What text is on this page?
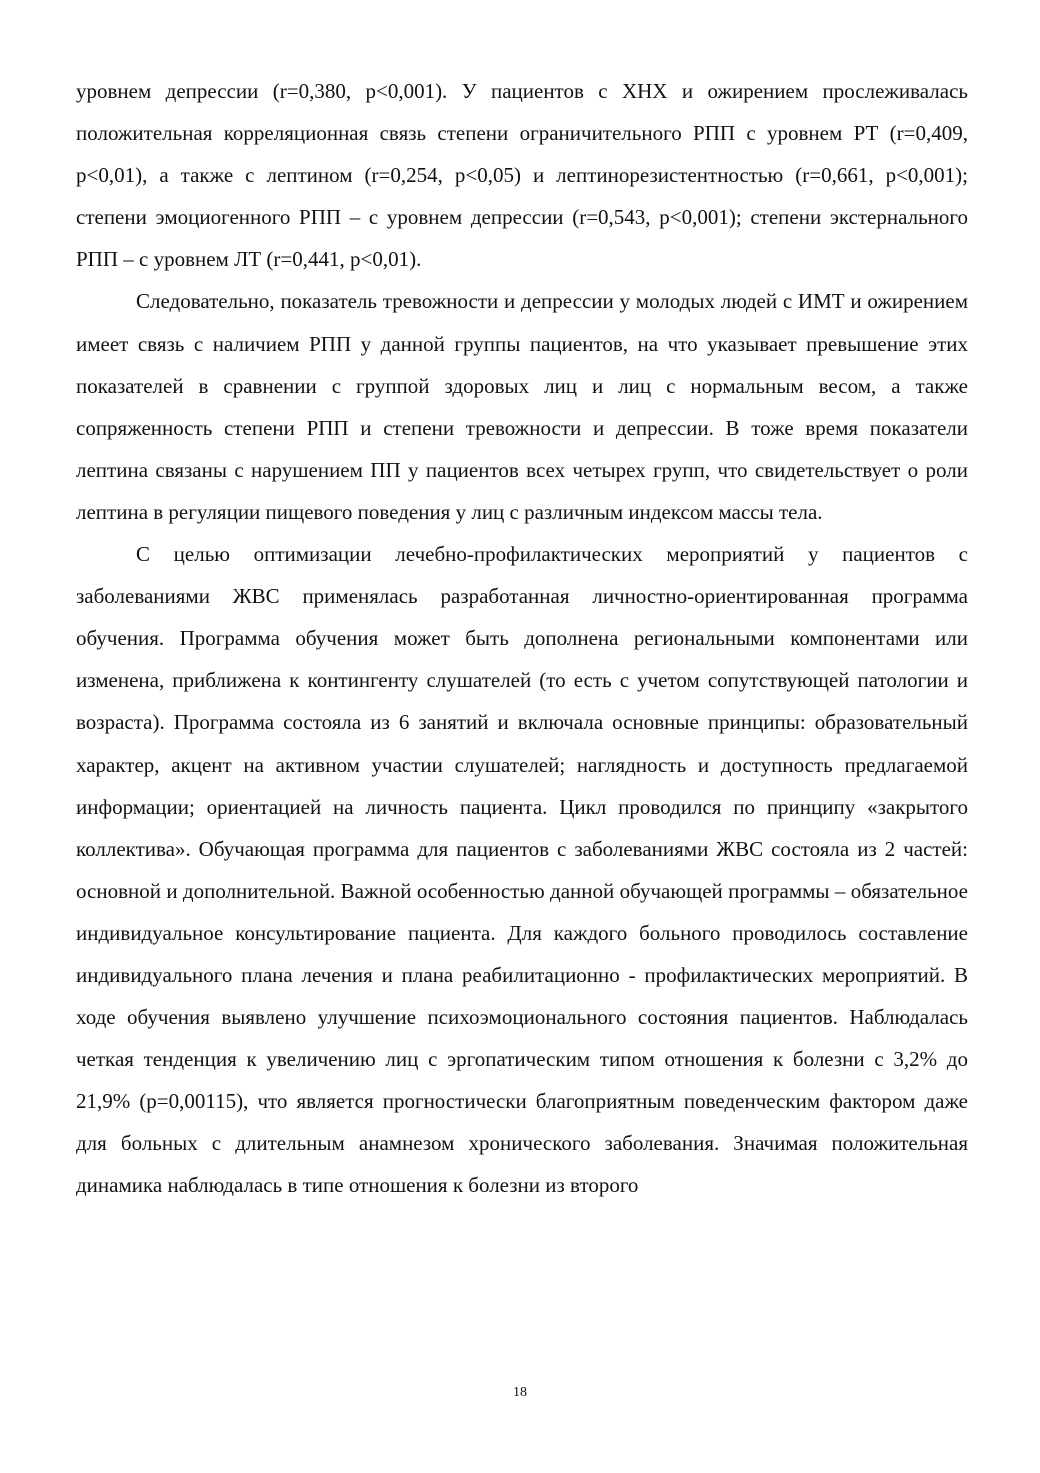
уровнем депрессии (r=0,380, p<0,001). У пациентов с ХНХ и ожирением прослеживалась положительная корреляционная связь степени ограничительного РПП с уровнем РТ (r=0,409, p<0,01), а также с лептином (r=0,254, p<0,05) и лептинорезистентностью (r=0,661, p<0,001); степени эмоциогенного РПП – с уровнем депрессии (r=0,543, p<0,001); степени экстернального РПП – с уровнем ЛТ (r=0,441, p<0,01).

Следовательно, показатель тревожности и депрессии у молодых людей с ИМТ и ожирением имеет связь с наличием РПП у данной группы пациентов, на что указывает превышение этих показателей в сравнении с группой здоровых лиц и лиц с нормальным весом, а также сопряженность степени РПП и степени тревожности и депрессии. В тоже время показатели лептина связаны с нарушением ПП у пациентов всех четырех групп, что свидетельствует о роли лептина в регуляции пищевого поведения у лиц с различным индексом массы тела.

С целью оптимизации лечебно-профилактических мероприятий у пациентов с заболеваниями ЖВС применялась разработанная личностно-ориентированная программа обучения. Программа обучения может быть дополнена региональными компонентами или изменена, приближена к контингенту слушателей (то есть с учетом сопутствующей патологии и возраста). Программа состояла из 6 занятий и включала основные принципы: образовательный характер, акцент на активном участии слушателей; наглядность и доступность предлагаемой информации; ориентацией на личность пациента. Цикл проводился по принципу «закрытого коллектива». Обучающая программа для пациентов с заболеваниями ЖВС состояла из 2 частей: основной и дополнительной. Важной особенностью данной обучающей программы – обязательное индивидуальное консультирование пациента. Для каждого больного проводилось составление индивидуального плана лечения и плана реабилитационно - профилактических мероприятий. В ходе обучения выявлено улучшение психоэмоционального состояния пациентов. Наблюдалась четкая тенденция к увеличению лиц с эргопатическим типом отношения к болезни с 3,2% до 21,9% (p=0,00115), что является прогностически благоприятным поведенческим фактором даже для больных с длительным анамнезом хронического заболевания. Значимая положительная динамика наблюдалась в типе отношения к болезни из второго

18
